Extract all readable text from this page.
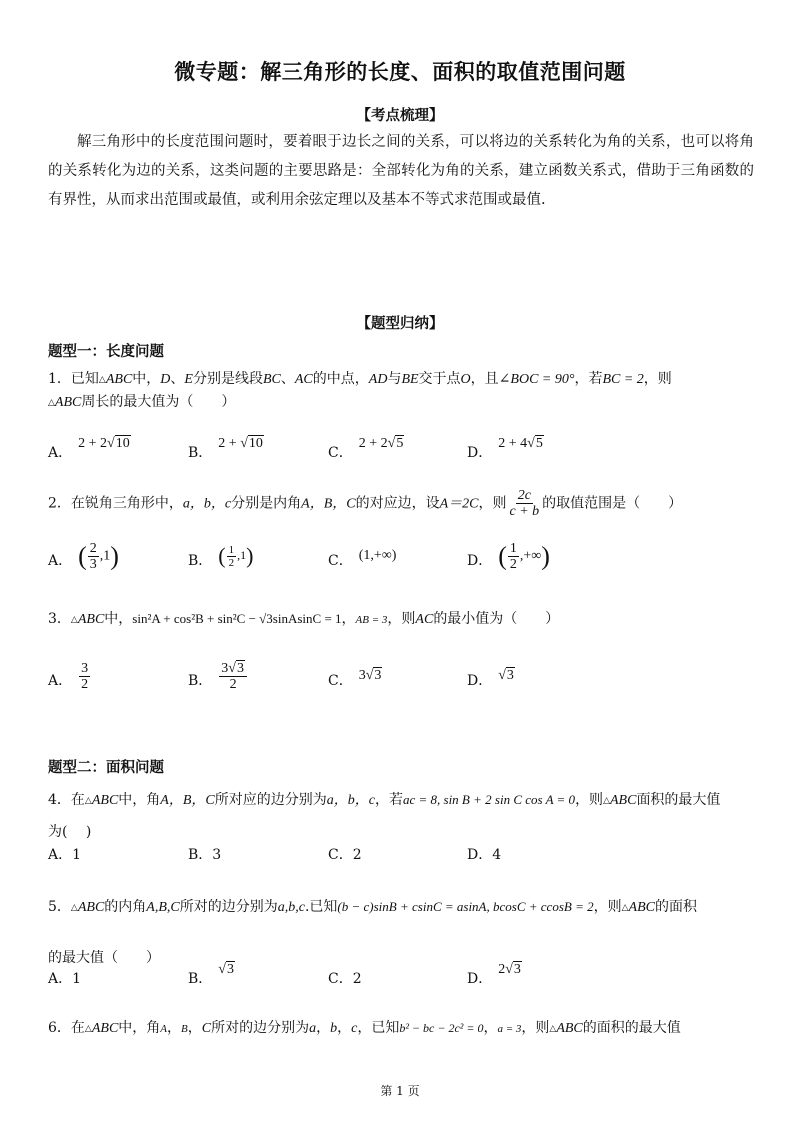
微专题：解三角形的长度、面积的取值范围问题
【考点梳理】

解三角形中的长度范围问题时，要着眼于边长之间的关系，可以将边的关系转化为角的关系，也可以将角的关系转化为边的关系，这类问题的主要思路是：全部转化为角的关系，建立函数关系式，借助于三角函数的有界性，从而求出范围或最值，或利用余弦定理以及基本不等式求范围或最值.

【题型归纳】
题型一：长度问题
1．已知△ABC中，D、E分别是线段BC、AC的中点，AD与BE交于点O，且∠BOC = 90°，若BC = 2，则
△ABC周长的最大值为（　　）
A．
2 + 2√10
B．
2 + √10
C．
2 + 2√5
D．
2 + 4√5
2．在锐角三角形中，a，b，c分别是内角A，B，C的对应边，设A＝2C，则 $\frac{2c}{c + b}$ 的取值范围是（　　）
A． ( $\frac{2}{3} ,1$)	B． ( $\frac{1}{2} ,1$)	C． (1,+∞)	D． ( $\frac{1}{2}$ ,+∞)
3．△ABC中，sin²A + cos²B + sin²C − √3sinAsinC = 1，AB = 3，则AC的最小值为（　　）
A． $\frac{3}{2}$	B． $\frac{3√3}{2}$	C． 3√3	D． √3
题型二：面积问题
4．在△ABC中，角A，B，C所对应的边分别为a，b，c，若ac = 8, sin B + 2 sin C cos A = 0，则△ABC面积的最大值
为(　 )
A．1	B．3	C．2	D．4
5．△ABC的内角A,B,C所对的边分别为a,b,c.已知(b − c)sinB + csinC = asinA, bcosC + ccosB = 2，则△ABC的面积
的最大值（　　）
A．1	B．
√3
C．2	D．
2√3
6．在△ABC中，角A，B，C所对的边分别为a，b，c，已知b² − bc − 2c² = 0，a = 3，则△ABC的面积的最大值
第 1 页
